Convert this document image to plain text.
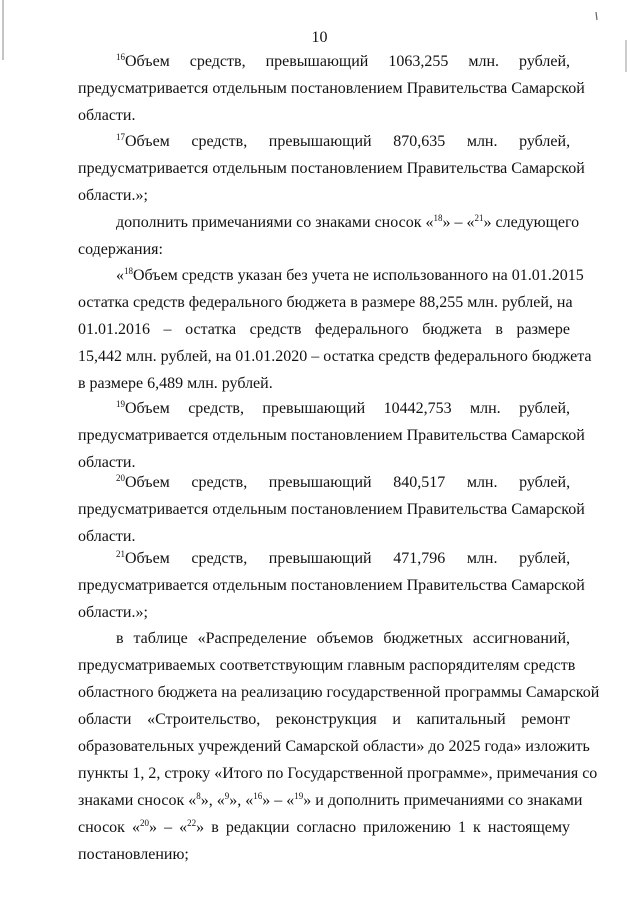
10
$^{16}$Объем средств, превышающий 1063,255 млн. рублей,
предусматривается отдельным постановлением Правительства Самарской
области.
$^{17}$Объем средств, превышающий 870,635 млн. рублей,
предусматривается отдельным постановлением Правительства Самарской
области.»;
дополнить примечаниями со знаками сносок «$^{18}$» – «$^{21}$» следующего
содержания:
«$^{18}$Объем средств указан без учета не использованного на 01.01.2015
остатка средств федерального бюджета в размере 88,255 млн. рублей, на
01.01.2016 – остатка средств федерального бюджета в размере
15,442 млн. рублей, на 01.01.2020 – остатка средств федерального бюджета
в размере 6,489 млн. рублей.
$^{19}$Объем средств, превышающий 10442,753 млн. рублей,
предусматривается отдельным постановлением Правительства Самарской
области.
$^{20}$Объем средств, превышающий 840,517 млн. рублей,
предусматривается отдельным постановлением Правительства Самарской
области.
$^{21}$Объем средств, превышающий 471,796 млн. рублей,
предусматривается отдельным постановлением Правительства Самарской
области.»;
в таблице «Распределение объемов бюджетных ассигнований,
предусматриваемых соответствующим главным распорядителям средств
областного бюджета на реализацию государственной программы Самарской
области «Строительство, реконструкция и капитальный ремонт
образовательных учреждений Самарской области» до 2025 года» изложить
пункты 1, 2, строку «Итого по Государственной программе», примечания со
знаками сносок «$^8$», «$^9$», «$^{16}$» – «$^{19}$» и дополнить примечаниями со знаками
сносок «$^{20}$» – «$^{22}$» в редакции согласно приложению 1 к настоящему
постановлению;
